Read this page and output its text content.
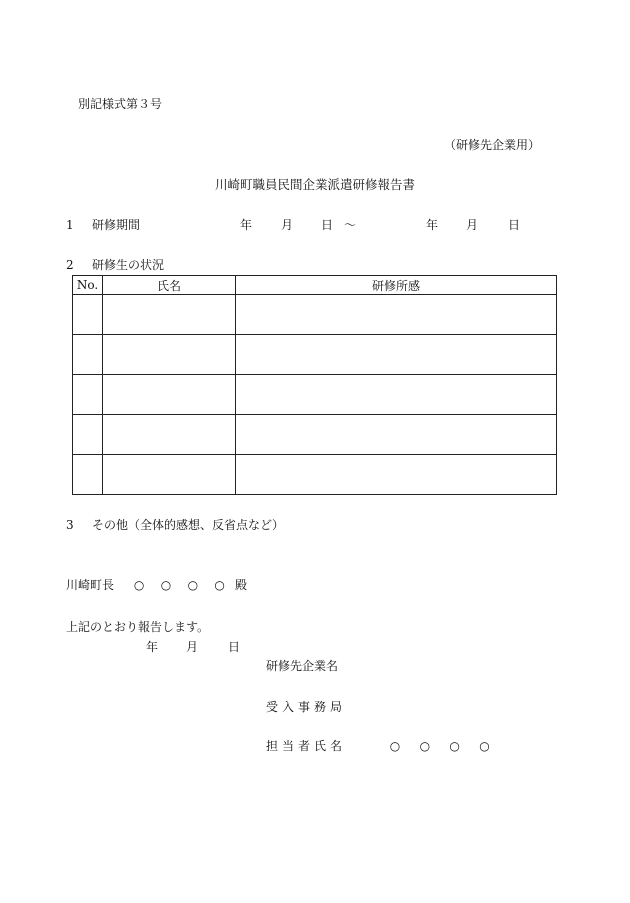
別記様式第３号
（研修先企業用）
川崎町職員民間企業派遣研修報告書
1 研修期間	年 月 日 ～	年 月 日
2 研修生の状況
No.	氏名	研修所感

3 その他（全体的感想、反省点など）
川崎町長 ○ ○ ○ ○ 殿
上記のとおり報告します。
年 月 日
研修先企業名
受入事務局
担当者氏名	○ ○ ○ ○
